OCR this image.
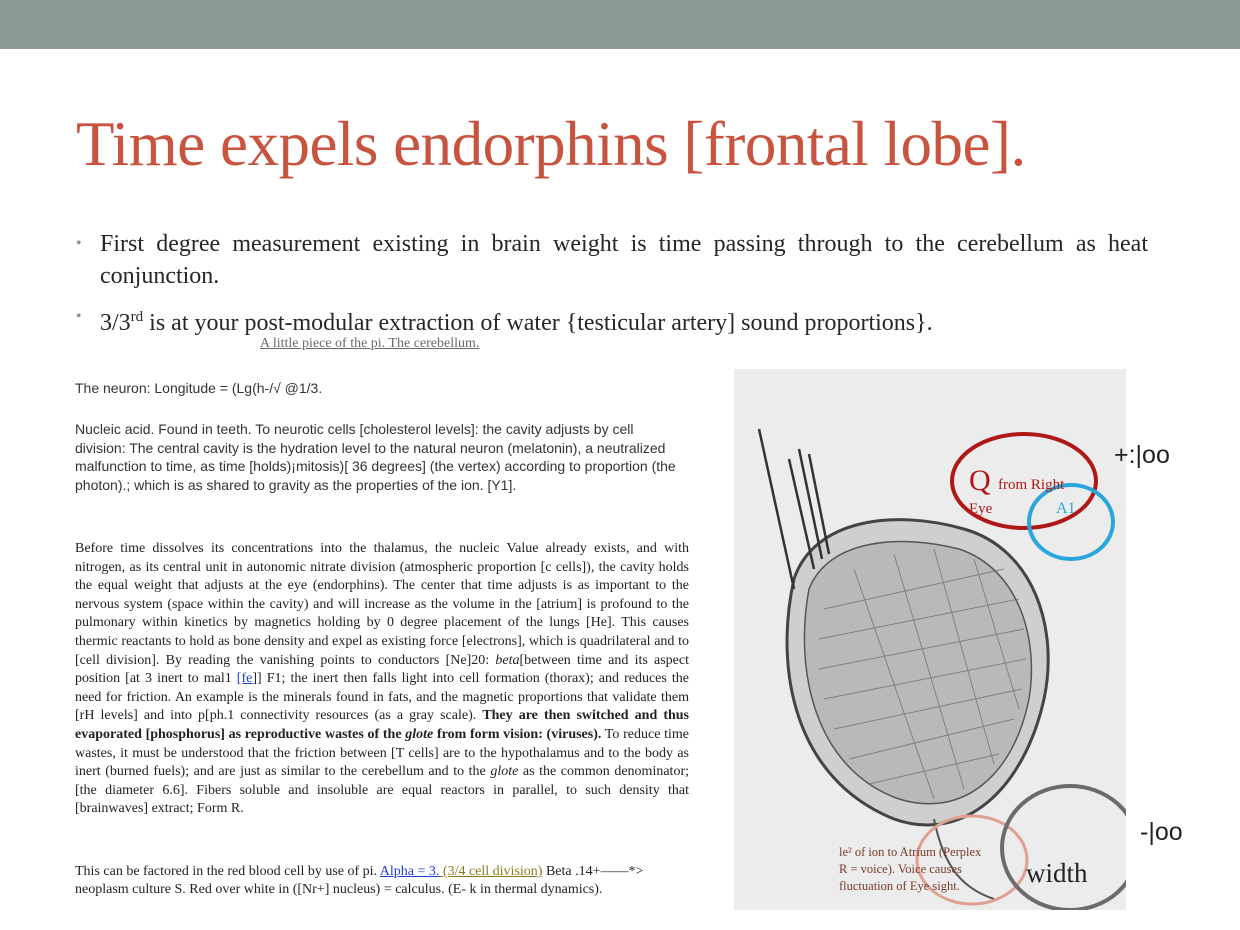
Time expels endorphins [frontal lobe].
• First degree measurement existing in brain weight is time passing through to the cerebellum as heat conjunction.
• 3/3rd is at your post-modular extraction of water {testicular artery] sound proportions}.
A little piece of the pi. The cerebellum.
The neuron: Longitude = (Lg(h-/√ @1/3.
Nucleic acid. Found in teeth. To neurotic cells [cholesterol levels]: the cavity adjusts by cell division: The central cavity is the hydration level to the natural neuron (melatonin), a neutralized malfunction to time, as time [holds)¡mitosis)[ 36 degrees] (the vertex) according to proportion (the photon).; which is as shared to gravity as the properties of the ion. [Y1].
Before time dissolves its concentrations into the thalamus, the nucleic Value already exists, and with nitrogen, as its central unit in autonomic nitrate division (atmospheric proportion [c cells]), the cavity holds the equal weight that adjusts at the eye (endorphins). The center that time adjusts is as important to the nervous system (space within the cavity) and will increase as the volume in the [atrium] is profound to the pulmonary within kinetics by magnetics holding by 0 degree placement of the lungs [He]. This causes thermic reactants to hold as bone density and expel as existing force [electrons], which is quadrilateral and to [cell division]. By reading the vanishing points to conductors [Ne]20: beta[between time and its aspect position [at 3 inert to mal1 [fe]] F1; the inert then falls light into cell formation (thorax); and reduces the need for friction. An example is the minerals found in fats, and the magnetic proportions that validate them [rH levels] and into p[ph.1 connectivity resources (as a gray scale). They are then switched and thus evaporated [phosphorus] as reproductive wastes of the glote from form vision: (viruses). To reduce time wastes, it must be understood that the friction between [T cells] are to the hypothalamus and to the body as inert (burned fuels); and are just as similar to the cerebellum and to the glote as the common denominator; [the diameter 6.6]. Fibers soluble and insoluble are equal reactors in parallel, to such density that [brainwaves] extract; Form R.
This can be factored in the red blood cell by use of pi. Alpha = 3. (3/4 cell division) Beta .14+——*> neoplasm culture S. Red over white in ([Nr+] nucleus) = calculus. (E- k in thermal dynamics).
+:|oo
-|oo
width
Q from Right
Eye	A1
le² of ion to Atrium (Perplex R = voice). Voice causes fluctuation of Eye sight.
